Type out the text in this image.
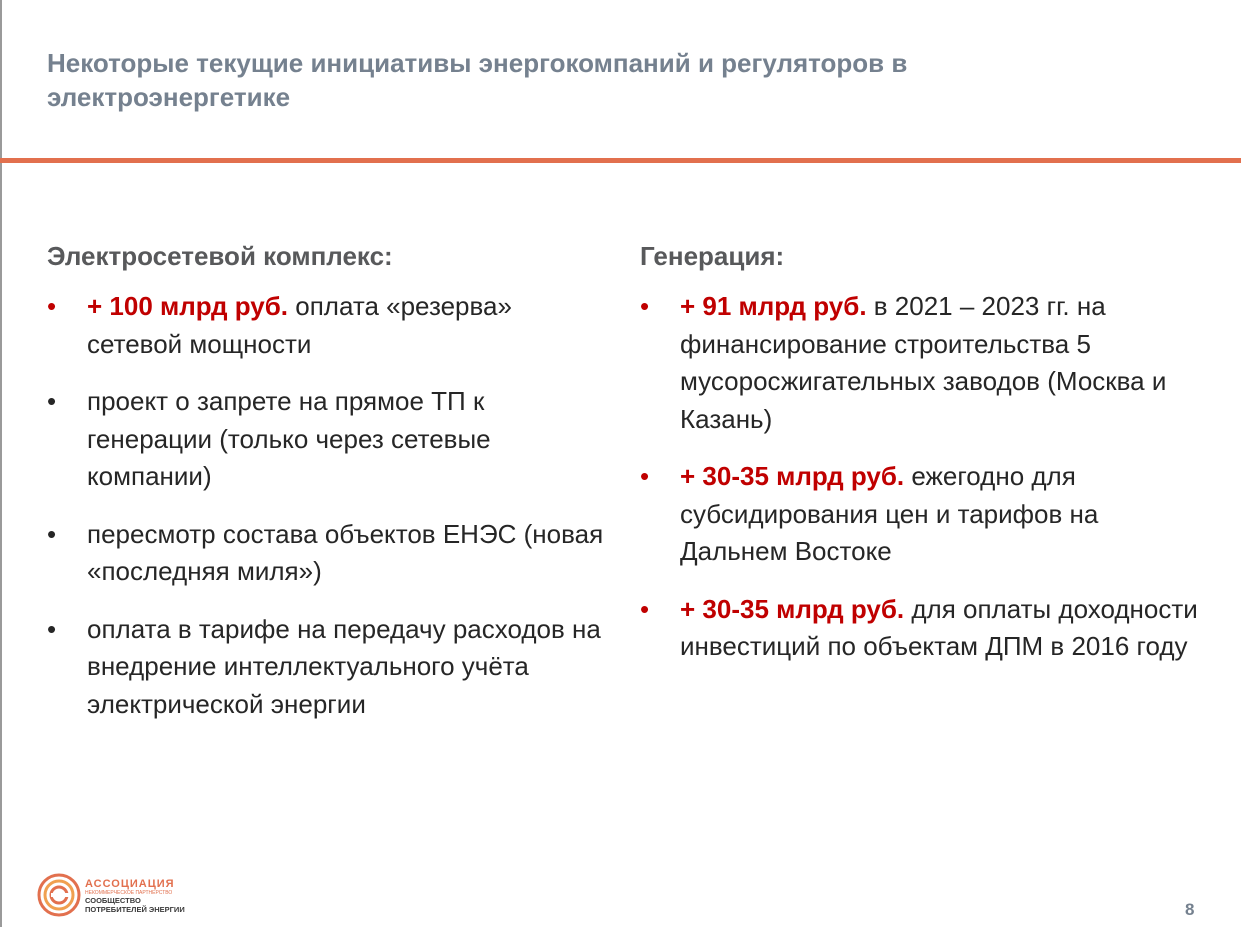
Некоторые текущие инициативы энергокомпаний и регуляторов в электроэнергетике
Электросетевой комплекс:
• + 100 млрд руб. оплата «резерва» сетевой мощности
• проект о запрете на прямое ТП к генерации (только через сетевые компании)
• пересмотр состава объектов ЕНЭС (новая «последняя миля»)
• оплата в тарифе на передачу расходов на внедрение интеллектуального учёта электрической энергии
Генерация:
• + 91 млрд руб. в 2021 – 2023 гг. на финансирование строительства 5 мусоросжигательных заводов (Москва и Казань)
• + 30-35 млрд руб. ежегодно для субсидирования цен и тарифов на Дальнем Востоке
• + 30-35 млрд руб. для оплаты доходности инвестиций по объектам ДПМ в 2016 году
АССОЦИАЦИЯ
НЕКОММЕРЧЕСКОЕ ПАРТНЕРСТВО
СООБЩЕСТВО
ПОТРЕБИТЕЛЕЙ ЭНЕРГИИ	8
